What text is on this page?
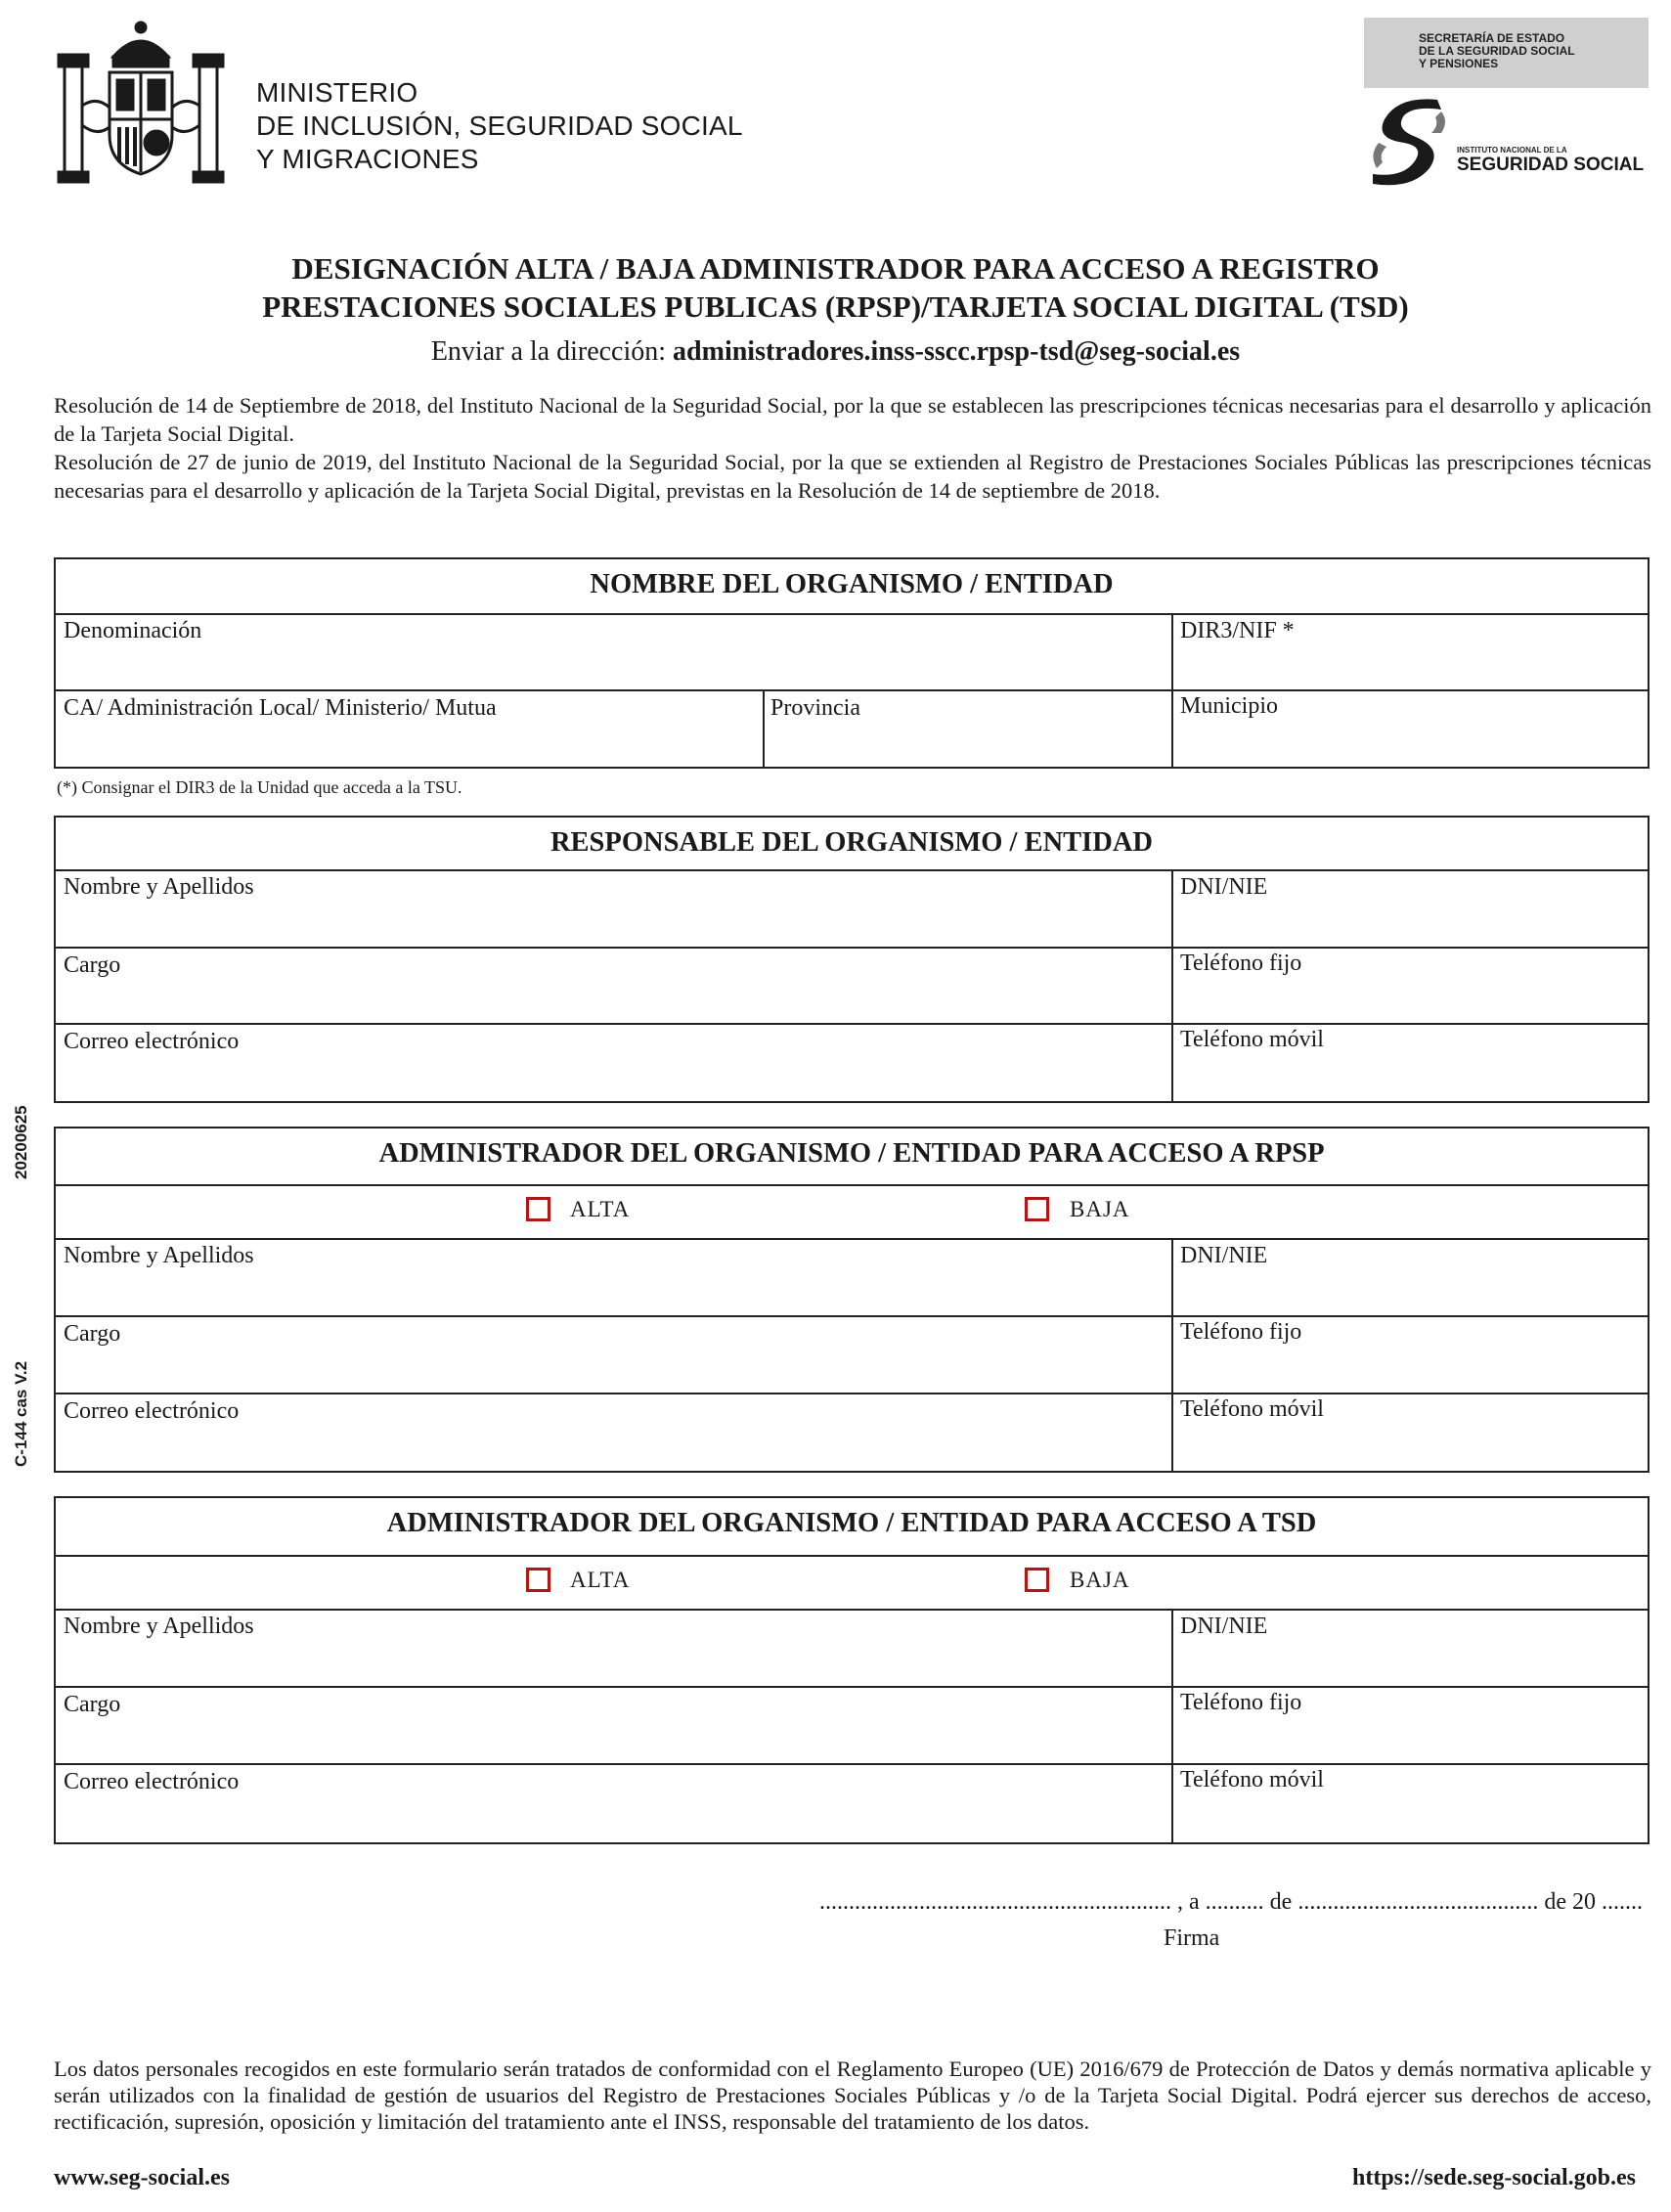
MINISTERIO
DE INCLUSIÓN, SEGURIDAD SOCIAL
Y MIGRACIONES
SECRETARÍA DE ESTADO
DE LA SEGURIDAD SOCIAL
Y PENSIONES
INSTITUTO NACIONAL DE LA
SEGURIDAD SOCIAL
DESIGNACIÓN ALTA / BAJA ADMINISTRADOR PARA ACCESO A REGISTRO
PRESTACIONES SOCIALES PUBLICAS (RPSP)/TARJETA SOCIAL DIGITAL (TSD)
Enviar a la dirección: administradores.inss-sscc.rpsp-tsd@seg-social.es
Resolución de 14 de Septiembre de 2018, del Instituto Nacional de la Seguridad Social, por la que se establecen las prescripciones técnicas necesarias para el desarrollo y aplicación de la Tarjeta Social Digital.
Resolución de 27 de junio de 2019, del Instituto Nacional de la Seguridad Social, por la que se extienden al Registro de Prestaciones Sociales Públicas las prescripciones técnicas necesarias para el desarrollo y aplicación de la Tarjeta Social Digital, previstas en la Resolución de 14 de septiembre de 2018.
NOMBRE DEL ORGANISMO / ENTIDAD
Denominación	DIR3/NIF *
CA/ Administración Local/ Ministerio/ Mutua	Provincia	Municipio
(*) Consignar el DIR3 de la Unidad que acceda a la TSU.
RESPONSABLE DEL ORGANISMO / ENTIDAD
Nombre y Apellidos	DNI/NIE
Cargo	Teléfono fijo
Correo electrónico	Teléfono móvil
ADMINISTRADOR DEL ORGANISMO / ENTIDAD PARA ACCESO A RPSP
ALTA	BAJA
Nombre y Apellidos	DNI/NIE
Cargo	Teléfono fijo
Correo electrónico	Teléfono móvil
ADMINISTRADOR DEL ORGANISMO / ENTIDAD PARA ACCESO A TSD
ALTA	BAJA
Nombre y Apellidos	DNI/NIE
Cargo	Teléfono fijo
Correo electrónico	Teléfono móvil
20200625
C-144 cas V.2
............................................................ , a .......... de ......................................... de 20 .......
Firma
Los datos personales recogidos en este formulario serán tratados de conformidad con el Reglamento Europeo (UE) 2016/679 de Protección de Datos y demás normativa aplicable y serán utilizados con la finalidad de gestión de usuarios del Registro de Prestaciones Sociales Públicas y /o de la Tarjeta Social Digital. Podrá ejercer sus derechos de acceso, rectificación, supresión, oposición y limitación del tratamiento ante el INSS, responsable del tratamiento de los datos.
www.seg-social.es	https://sede.seg-social.gob.es
